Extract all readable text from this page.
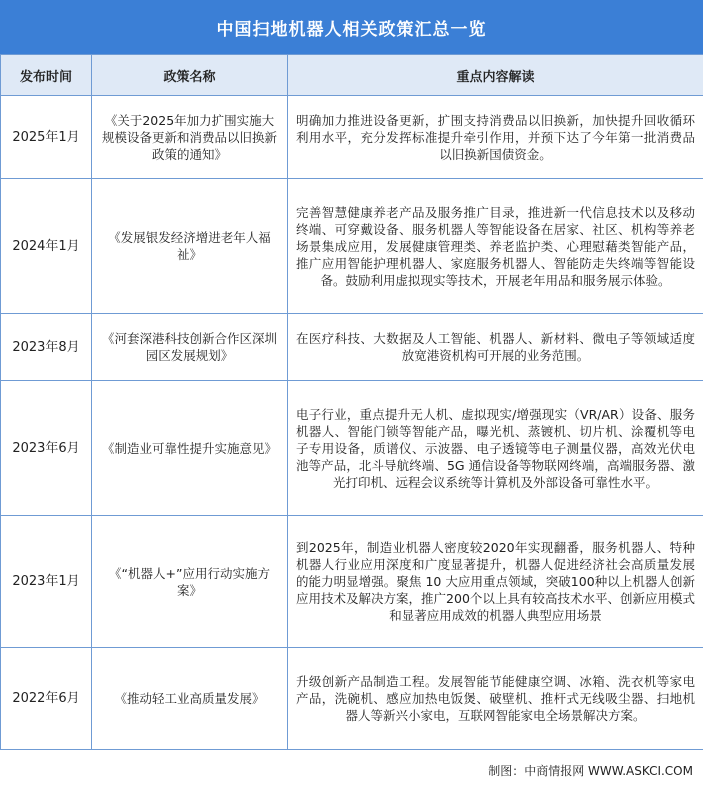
中国扫地机器人相关政策汇总一览
发布时间	政策名称	重点内容解读
2025年1月	《关于2025年加力扩围实施大规模设备更新和消费品以旧换新政策的通知》	明确加力推进设备更新，扩围支持消费品以旧换新，加快提升回收循环利用水平，充分发挥标准提升牵引作用，并预下达了今年第一批消费品以旧换新国债资金。
2024年1月	《发展银发经济增进老年人福祉》	完善智慧健康养老产品及服务推广目录，推进新一代信息技术以及移动终端、可穿戴设备、服务机器人等智能设备在居家、社区、机构等养老场景集成应用，发展健康管理类、养老监护类、心理慰藉类智能产品，推广应用智能护理机器人、家庭服务机器人、智能防走失终端等智能设备。鼓励利用虚拟现实等技术，开展老年用品和服务展示体验。
2023年8月	《河套深港科技创新合作区深圳园区发展规划》	在医疗科技、大数据及人工智能、机器人、新材料、微电子等领域适度放宽港资机构可开展的业务范围。
2023年6月	《制造业可靠性提升实施意见》	电子行业，重点提升无人机、虚拟现实/增强现实（VR/AR）设备、服务机器人、智能门锁等智能产品，曝光机、蒸镀机、切片机、涂覆机等电子专用设备，质谱仪、示波器、电子透镜等电子测量仪器，高效光伏电池等产品，北斗导航终端、5G 通信设备等物联网终端，高端服务器、激光打印机、远程会议系统等计算机及外部设备可靠性水平。
2023年1月	《“机器人+”应用行动实施方案》	到2025年，制造业机器人密度较2020年实现翻番，服务机器人、特种机器人行业应用深度和广度显著提升，机器人促进经济社会高质量发展的能力明显增强。聚焦 10 大应用重点领域，突破100种以上机器人创新应用技术及解决方案，推广200个以上具有较高技术水平、创新应用模式和显著应用成效的机器人典型应用场景
2022年6月	《推动轻工业高质量发展》	升级创新产品制造工程。发展智能节能健康空调、冰箱、洗衣机等家电产品，洗碗机、感应加热电饭煲、破壁机、推杆式无线吸尘器、扫地机器人等新兴小家电，互联网智能家电全场景解决方案。
制图：中商情报网 WWW.ASKCI.COM
